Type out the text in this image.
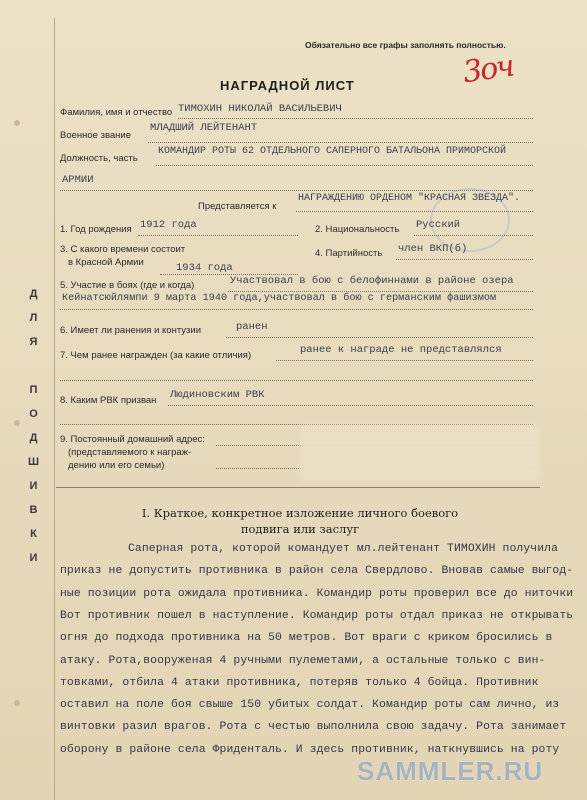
Д
Л
Я

П
О
Д
Ш
И
В
К
И
Обязательно все графы заполнять полностью.
3оч
НАГРАДНОЙ ЛИСТ
Фамилия, имя и отчество ТИМОХИН НИКОЛАЙ ВАСИЛЬЕВИЧ
Военное звание
МЛАДШИЙ ЛЕЙТЕНАНТ
Должность, часть
КОМАНДИР РОТЫ 62 ОТДЕЛЬНОГО САПЕРНОГО БАТАЛЬОНА ПРИМОРСКОЙ
АРМИИ
Представляется к
НАГРАЖДЕНИЮ ОРДЕНОМ "КРАСНАЯ ЗВЕЗДА".
1. Год рождения 1912 года	2. Национальность Русский
3. С какого времени состоит
в Красной Армии	1934 года
4. Партийность член ВКП(б)
5. Участие в боях (где и когда)	Участвовал в бою с белофиннами в районе озера
Кейнатсюйлямпи 9 марта 1940 года,участвовал в бою с германским фашизмом
6. Имеет ли ранения и контузии	ранен
7. Чем ранее награжден (за какие отличия)	ранее к награде не представлялся
8. Каким РВК призван Людиновским РВК
9. Постоянный домашний адрес:
(представляемого к награж-
дению или его семьи)
I. Краткое, конкретное изложение личного боевого
подвига или заслуг
Саперная рота, которой командует мл.лейтенант ТИМОХИН получила
приказ не допустить противника в район села Свердлово. Вновав самые выгод-
ные позиции рота ожидала противника. Командир роты проверил все до ниточки
Вот противник пошел в наступление. Командир роты отдал приказ не открывать
огня до подхода противника на 50 метров. Вот враги с криком бросились в
атаку. Рота,вооруженая 4 ручными пулеметами, а остальные только с вин-
товками, отбила 4 атаки противника, потеряв только 4 бойца. Противник
оставил на поле боя свыше 150 убитых солдат. Командир роты сам лично, из
винтовки разил врагов. Рота с честью выполнила свою задачу. Рота занимает
оборону в районе села Фриденталь. И здесь противник, наткнувшись на роту
SAMMLER.RU
